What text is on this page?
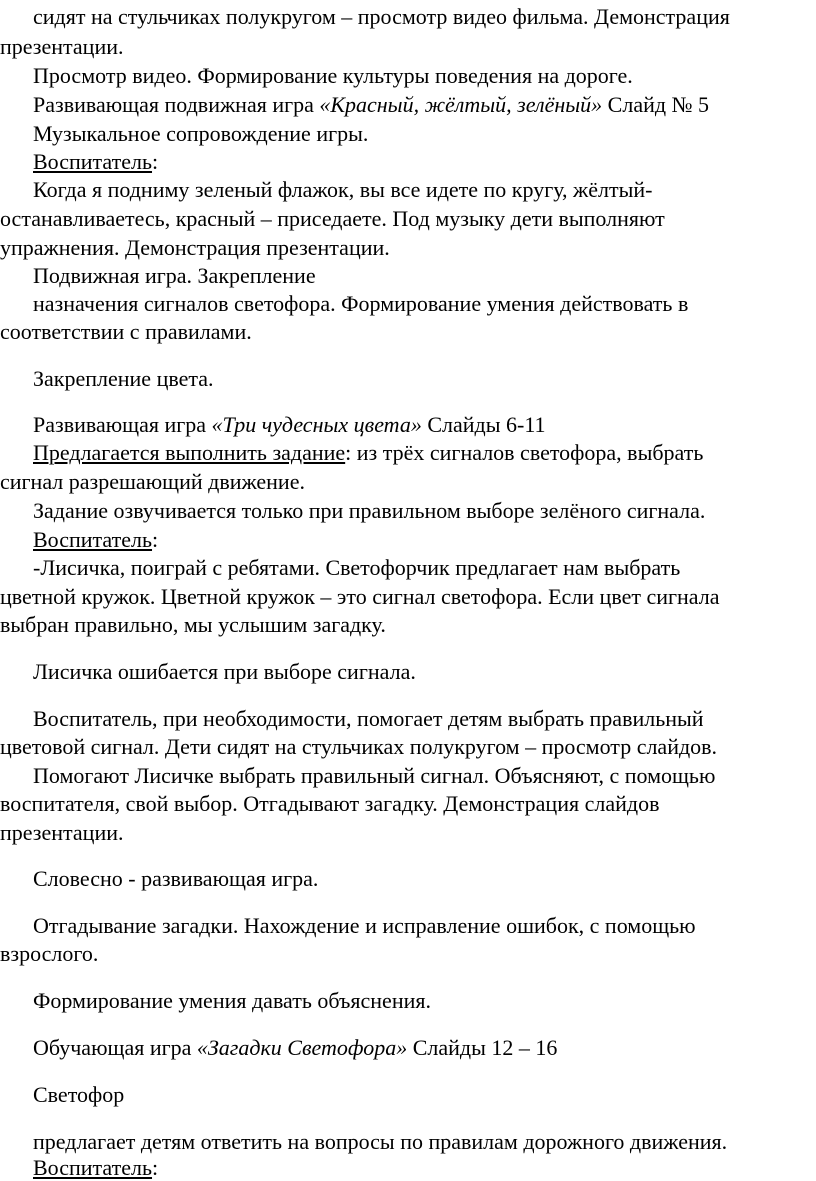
сидят на стульчиках полукругом – просмотр видео фильма. Демонстрация
презентации.
Просмотр видео. Формирование культуры поведения на дороге.
Развивающая подвижная игра «Красный, жёлтый, зелёный» Слайд № 5
Музыкальное сопровождение игры.
Воспитатель:
Когда я подниму зеленый флажок, вы все идете по кругу, жёлтый-
останавливаетесь, красный – приседаете. Под музыку дети выполняют
упражнения. Демонстрация презентации.
Подвижная игра. Закрепление
назначения сигналов светофора. Формирование умения действовать в
соответствии с правилами.
Закрепление цвета.
Развивающая игра «Три чудесных цвета» Слайды 6-11
Предлагается выполнить задание: из трёх сигналов светофора, выбрать
сигнал разрешающий движение.
Задание озвучивается только при правильном выборе зелёного сигнала.
Воспитатель:
-Лисичка, поиграй с ребятами. Светофорчик предлагает нам выбрать
цветной кружок. Цветной кружок – это сигнал светофора. Если цвет сигнала
выбран правильно, мы услышим загадку.
Лисичка ошибается при выборе сигнала.
Воспитатель, при необходимости, помогает детям выбрать правильный
цветовой сигнал. Дети сидят на стульчиках полукругом – просмотр слайдов.
Помогают Лисичке выбрать правильный сигнал. Объясняют, с помощью
воспитателя, свой выбор. Отгадывают загадку. Демонстрация слайдов
презентации.
Словесно - развивающая игра.
Отгадывание загадки. Нахождение и исправление ошибок, с помощью
взрослого.
Формирование умения давать объяснения.
Обучающая игра «Загадки Светофора» Слайды 12 – 16
Светофор
предлагает детям ответить на вопросы по правилам дорожного движения.
Воспитатель:
